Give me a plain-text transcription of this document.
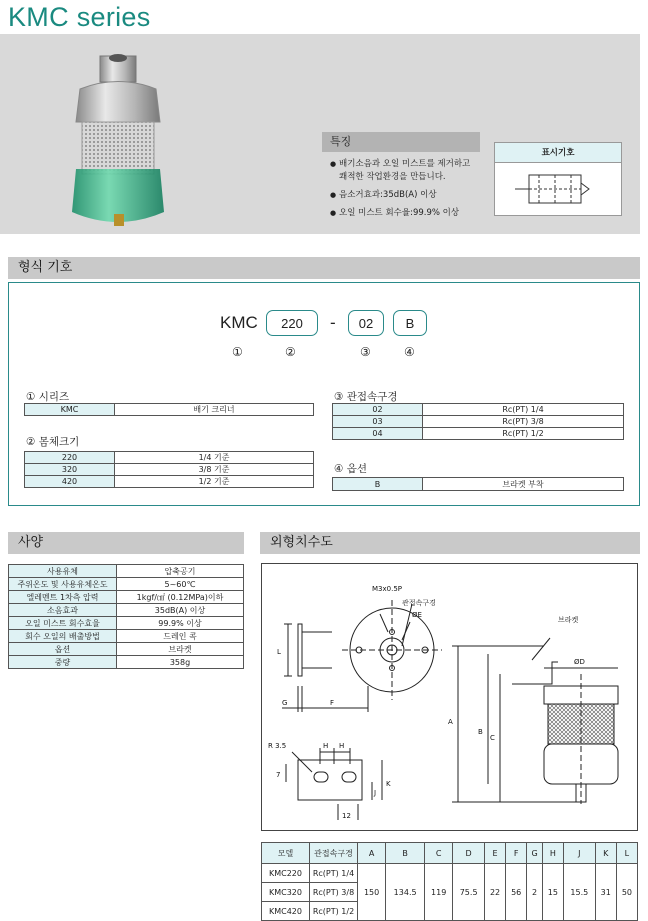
KMC series
특징
● 배기소음과 오일 미스트를 제거하고
쾌적한 작업환경을 만듭니다.
● 음소거효과:35dB(A) 이상
● 오일 미스트 회수율:99.9% 이상
표시기호
형식 기호
KMC	220	-	02	B
①	②	③	④
① 시리즈
KMC	배기 크리너
② 몸체크기
220	1/4 기준
320	3/8 기준
420	1/2 기준
③ 관접속구경
02	Rc(PT) 1/4
03	Rc(PT) 3/8
04	Rc(PT) 1/2
④ 옵션
B	브라켓 부착
사양
사용유체	압축공기
주위온도 및 사용유체온도	5~60℃
엘레멘트 1차측 압력	1kgf/㎠ (0.12MPa)이하
소음효과	35dB(A) 이상
오일 미스트 회수효율	99.9% 이상
회수 오일의 배출방법	드레인 콕
옵션	브라켓
중량	358g
외형치수도
M3x0.5P
관접속구경
ØE
L
G	F
브라켓
ØD
A
B
C
R 3.5	H H
7
J
K
12
모델	관접속구경	A	B	C	D	E	F	G	H	J	K	L
KMC220	Rc(PT) 1/4	150	134.5	119	75.5	22	56	2	15	15.5	31	50
KMC320	Rc(PT) 3/8											
KMC420	Rc(PT) 1/2											
